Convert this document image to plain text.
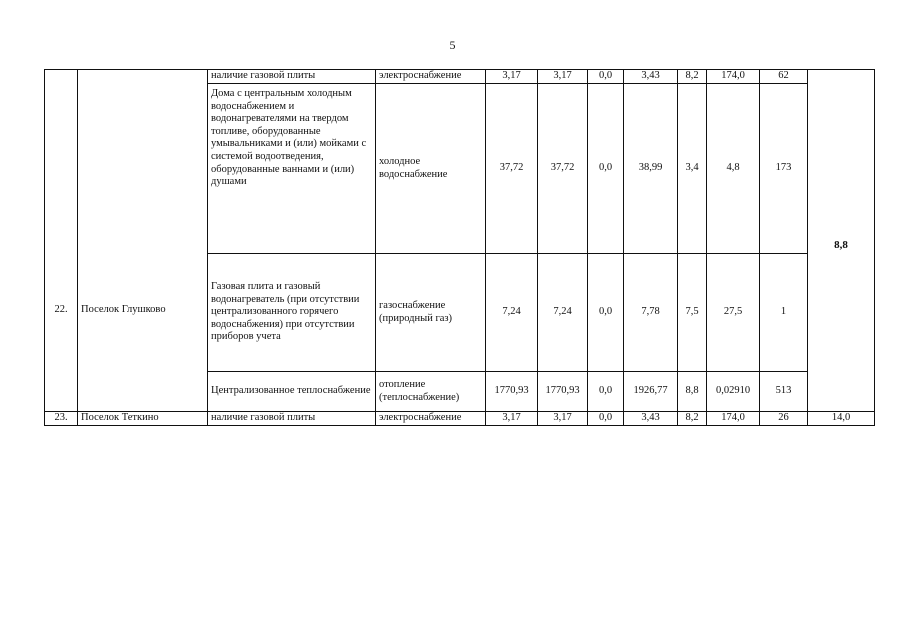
5
22.	Поселок Глушково	наличие газовой плиты	электроснабжение	3,17	3,17	0,0	3,43	8,2	174,0	62	8,8
		Дома с центральным холодным водоснабжением и водонагревателями на твердом топливе, оборудованные умывальниками и (или) мойками с системой водоотведения, оборудованные ваннами и (или) душами	холодное водоснабжение	37,72	37,72	0,0	38,99	3,4	4,8	173	
		Газовая плита и газовый водонагреватель (при отсутствии централизованного горячего водоснабжения) при отсутствии приборов учета	газоснабжение (природный газ)	7,24	7,24	0,0	7,78	7,5	27,5	1	
		Централизованное теплоснабжение	отопление (теплоснабжение)	1770,93	1770,93	0,0	1926,77	8,8	0,02910	513	
23.	Поселок Теткино	наличие газовой плиты	электроснабжение	3,17	3,17	0,0	3,43	8,2	174,0	26	14,0
